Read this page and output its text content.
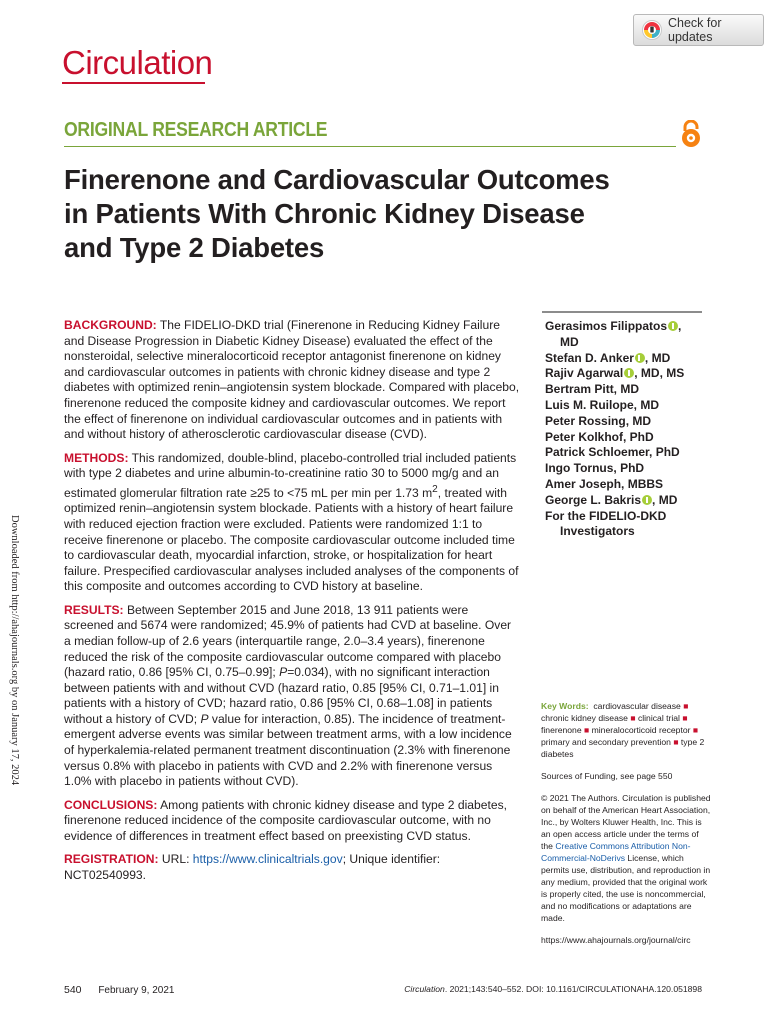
Check for updates
Circulation
ORIGINAL RESEARCH ARTICLE
Finerenone and Cardiovascular Outcomes
in Patients With Chronic Kidney Disease
and Type 2 Diabetes
Gerasimos Filippatos ,
MD
Stefan D. Anker , MD
Rajiv Agarwal , MD, MS
Bertram Pitt, MD
Luis M. Ruilope, MD
Peter Rossing, MD
Peter Kolkhof, PhD
Patrick Schloemer, PhD
Ingo Tornus, PhD
Amer Joseph, MBBS
George L. Bakris , MD
For the FIDELIO-DKD
Investigators

BACKGROUND: The FIDELIO-DKD trial (Finerenone in Reducing Kidney Failure and Disease Progression in Diabetic Kidney Disease) evaluated the effect of the nonsteroidal, selective mineralocorticoid receptor antagonist finerenone on kidney and cardiovascular outcomes in patients with chronic kidney disease and type 2 diabetes with optimized renin–angiotensin system blockade. Compared with placebo, finerenone reduced the composite kidney and cardiovascular outcomes. We report the effect of finerenone on individual cardiovascular outcomes and in patients with and without history of atherosclerotic cardiovascular disease (CVD).

METHODS: This randomized, double-blind, placebo-controlled trial included patients with type 2 diabetes and urine albumin-to-creatinine ratio 30 to 5000 mg/g and an estimated glomerular filtration rate ≥25 to <75 mL per min per 1.73 $m^2$, treated with optimized renin–angiotensin system blockade. Patients with a history of heart failure with reduced ejection fraction were excluded. Patients were randomized 1:1 to receive finerenone or placebo. The composite cardiovascular outcome included time to cardiovascular death, myocardial infarction, stroke, or hospitalization for heart failure. Prespecified cardiovascular analyses included analyses of the components of this composite and outcomes according to CVD history at baseline.

RESULTS: Between September 2015 and June 2018, 13 911 patients were screened and 5674 were randomized; 45.9% of patients had CVD at baseline. Over a median follow-up of 2.6 years (interquartile range, 2.0–3.4 years), finerenone reduced the risk of the composite cardiovascular outcome compared with placebo (hazard ratio, 0.86 [95% CI, 0.75–0.99]; P=0.034), with no significant interaction between patients with and without CVD (hazard ratio, 0.85 [95% CI, 0.71–1.01] in patients with a history of CVD; hazard ratio, 0.86 [95% CI, 0.68–1.08] in patients without a history of CVD; P value for interaction, 0.85). The incidence of treatment-emergent adverse events was similar between treatment arms, with a low incidence of hyperkalemia-related permanent treatment discontinuation (2.3% with finerenone versus 0.8% with placebo in patients with CVD and 2.2% with finerenone versus 1.0% with placebo in patients without CVD).

CONCLUSIONS: Among patients with chronic kidney disease and type 2 diabetes, finerenone reduced incidence of the composite cardiovascular outcome, with no evidence of differences in treatment effect based on preexisting CVD status.

REGISTRATION: URL: https://www.clinicaltrials.gov; Unique identifier: NCT02540993.

Key Words: cardiovascular disease ■ chronic kidney disease ■ clinical trial ■ finerenone ■ mineralocorticoid receptor ■ primary and secondary prevention ■ type 2 diabetes
Sources of Funding, see page 550
© 2021 The Authors. Circulation is published on behalf of the American Heart Association, Inc., by Wolters Kluwer Health, Inc. This is an open access article under the terms of the Creative Commons Attribution Non-Commercial-NoDerivs License, which permits use, distribution, and reproduction in any medium, provided that the original work is properly cited, the use is noncommercial, and no modifications or adaptations are made.
https://www.ahajournals.org/journal/circ
Downloaded from http://ahajournals.org by on January 17, 2024
540 February 9, 2021	Circulation. 2021;143:540–552. DOI: 10.1161/CIRCULATIONAHA.120.051898
